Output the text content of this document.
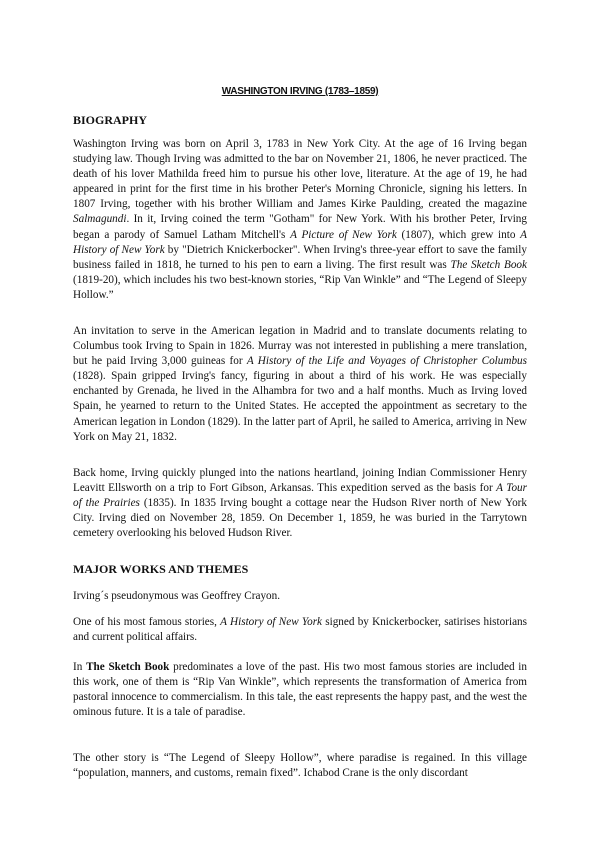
WASHINGTON IRVING (1783–1859)
BIOGRAPHY

Washington Irving was born on April 3, 1783 in New York City. At the age of 16 Irving began studying law. Though Irving was admitted to the bar on November 21, 1806, he never practiced. The death of his lover Mathilda freed him to pursue his other love, literature. At the age of 19, he had appeared in print for the first time in his brother Peter's Morning Chronicle, signing his letters. In 1807 Irving, together with his brother William and James Kirke Paulding, created the magazine Salmagundi. In it, Irving coined the term "Gotham" for New York. With his brother Peter, Irving began a parody of Samuel Latham Mitchell's A Picture of New York (1807), which grew into A History of New York by "Dietrich Knickerbocker". When Irving's three-year effort to save the family business failed in 1818, he turned to his pen to earn a living. The first result was The Sketch Book (1819-20), which includes his two best-known stories, “Rip Van Winkle” and “The Legend of Sleepy Hollow.”

An invitation to serve in the American legation in Madrid and to translate documents relating to Columbus took Irving to Spain in 1826. Murray was not interested in publishing a mere translation, but he paid Irving 3,000 guineas for A History of the Life and Voyages of Christopher Columbus (1828). Spain gripped Irving's fancy, figuring in about a third of his work. He was especially enchanted by Grenada, he lived in the Alhambra for two and a half months. Much as Irving loved Spain, he yearned to return to the United States. He accepted the appointment as secretary to the American legation in London (1829). In the latter part of April, he sailed to America, arriving in New York on May 21, 1832.

Back home, Irving quickly plunged into the nations heartland, joining Indian Commissioner Henry Leavitt Ellsworth on a trip to Fort Gibson, Arkansas. This expedition served as the basis for A Tour of the Prairies (1835). In 1835 Irving bought a cottage near the Hudson River north of New York City. Irving died on November 28, 1859. On December 1, 1859, he was buried in the Tarrytown cemetery overlooking his beloved Hudson River.

MAJOR WORKS AND THEMES

Irving´s pseudonymous was Geoffrey Crayon.

One of his most famous stories, A History of New York signed by Knickerbocker, satirises historians and current political affairs.

In The Sketch Book predominates a love of the past. His two most famous stories are included in this work, one of them is “Rip Van Winkle”, which represents the transformation of America from pastoral innocence to commercialism. In this tale, the east represents the happy past, and the west the ominous future. It is a tale of paradise.

The other story is “The Legend of Sleepy Hollow”, where paradise is regained. In this village “population, manners, and customs, remain fixed”. Ichabod Crane is the only discordant
